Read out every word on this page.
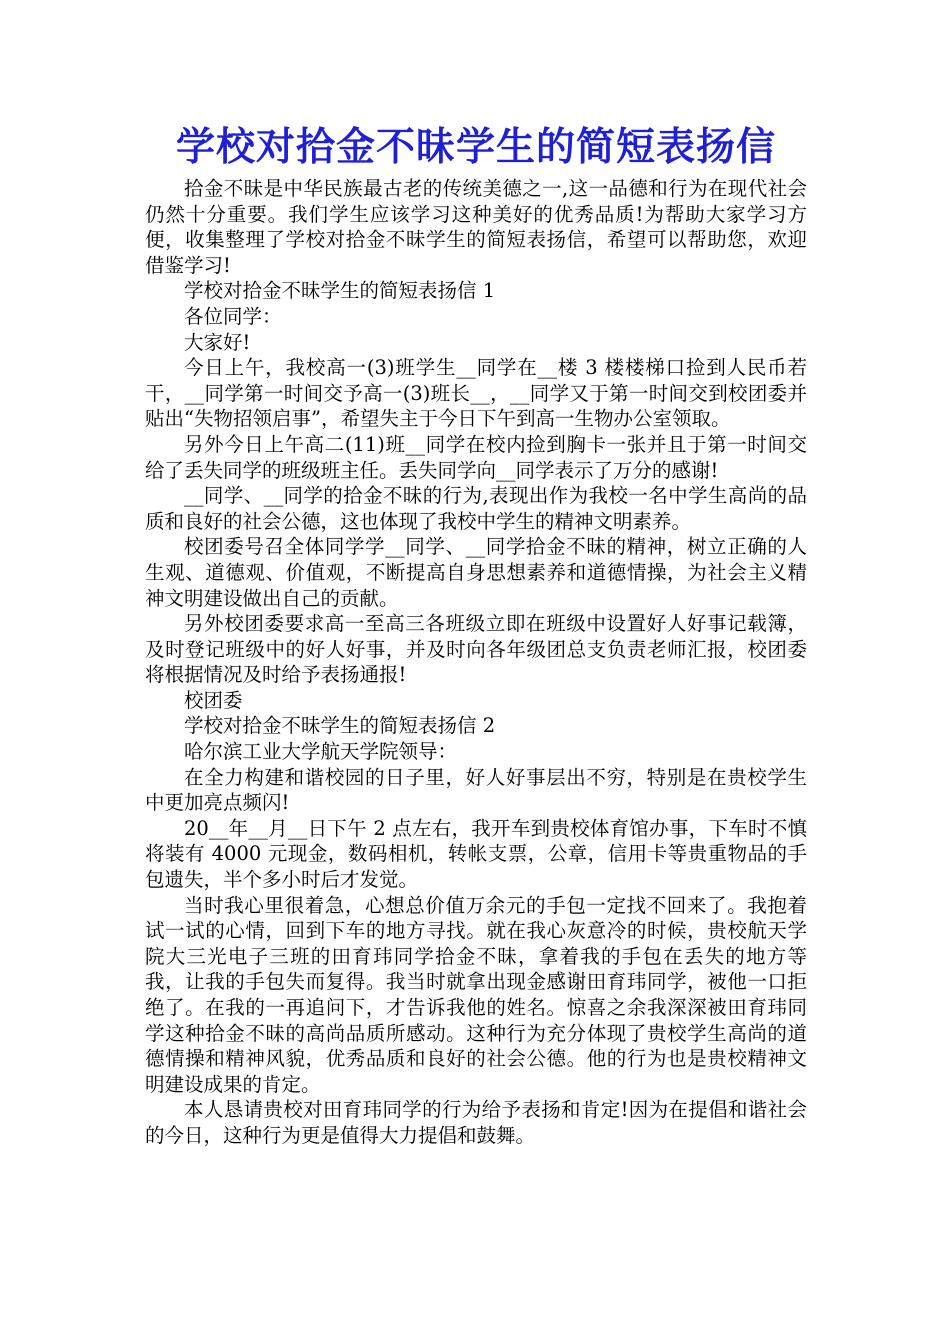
学校对拾金不昧学生的简短表扬信

拾金不昧是中华民族最古老的传统美德之一,这一品德和行为在现代社会仍然十分重要。我们学生应该学习这种美好的优秀品质!为帮助大家学习方便，收集整理了学校对拾金不昧学生的简短表扬信，希望可以帮助您，欢迎借鉴学习!

学校对拾金不昧学生的简短表扬信 1

各位同学：

大家好!

今日上午，我校高一(3)班学生__同学在__楼 3 楼楼梯口捡到人民币若干，__同学第一时间交予高一(3)班长__，__同学又于第一时间交到校团委并贴出“失物招领启事”，希望失主于今日下午到高一生物办公室领取。

另外今日上午高二(11)班__同学在校内捡到胸卡一张并且于第一时间交给了丢失同学的班级班主任。丢失同学向__同学表示了万分的感谢!

__同学、__同学的拾金不昧的行为,表现出作为我校一名中学生高尚的品质和良好的社会公德，这也体现了我校中学生的精神文明素养。

校团委号召全体同学学__同学、__同学拾金不昧的精神，树立正确的人生观、道德观、价值观，不断提高自身思想素养和道德情操，为社会主义精神文明建设做出自己的贡献。

另外校团委要求高一至高三各班级立即在班级中设置好人好事记载簿，及时登记班级中的好人好事，并及时向各年级团总支负责老师汇报，校团委将根据情况及时给予表扬通报!

校团委

学校对拾金不昧学生的简短表扬信 2

哈尔滨工业大学航天学院领导：

在全力构建和谐校园的日子里，好人好事层出不穷，特别是在贵校学生中更加亮点频闪!

20__年__月__日下午 2 点左右，我开车到贵校体育馆办事，下车时不慎将装有 4000 元现金，数码相机，转帐支票，公章，信用卡等贵重物品的手包遗失，半个多小时后才发觉。

当时我心里很着急，心想总价值万余元的手包一定找不回来了。我抱着试一试的心情，回到下车的地方寻找。就在我心灰意冷的时候，贵校航天学院大三光电子三班的田育玮同学拾金不昧，拿着我的手包在丢失的地方等我，让我的手包失而复得。我当时就拿出现金感谢田育玮同学，被他一口拒绝了。在我的一再追问下，才告诉我他的姓名。惊喜之余我深深被田育玮同学这种拾金不昧的高尚品质所感动。这种行为充分体现了贵校学生高尚的道德情操和精神风貌，优秀品质和良好的社会公德。他的行为也是贵校精神文明建设成果的肯定。

本人恳请贵校对田育玮同学的行为给予表扬和肯定!因为在提倡和谐社会的今日，这种行为更是值得大力提倡和鼓舞。
